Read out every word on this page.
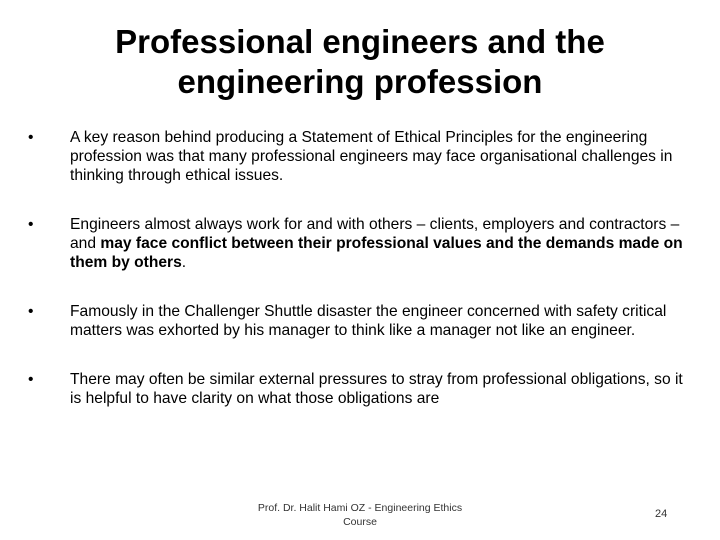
Professional engineers and the
engineering profession
• A key reason behind producing a Statement of Ethical Principles for the engineering profession was that many professional engineers may face organisational challenges in thinking through ethical issues.
• Engineers almost always work for and with others – clients, employers and contractors – and may face conflict between their professional values and the demands made on them by others.
• Famously in the Challenger Shuttle disaster the engineer concerned with safety critical matters was exhorted by his manager to think like a manager not like an engineer.
• There may often be similar external pressures to stray from professional obligations, so it is helpful to have clarity on what those obligations are
Prof. Dr. Halit Hami OZ - Engineering Ethics
Course
24
